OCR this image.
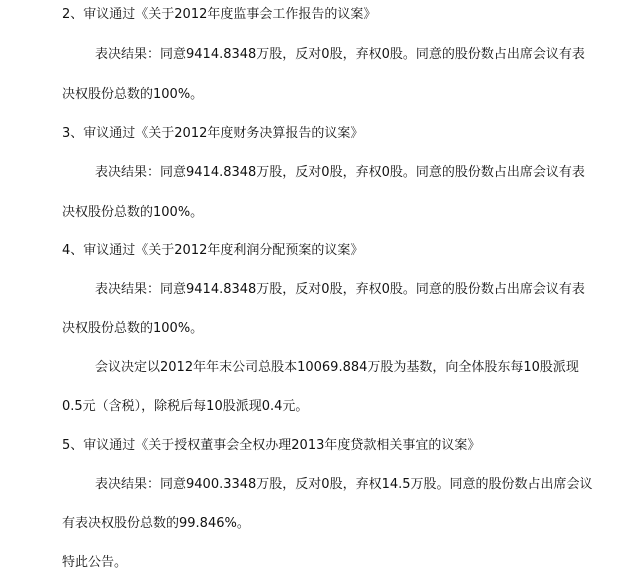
2、审议通过《关于2012年度监事会工作报告的议案》
表决结果：同意9414.8348万股，反对0股，弃权0股。同意的股份数占出席会议有表
决权股份总数的100%。
3、审议通过《关于2012年度财务决算报告的议案》
表决结果：同意9414.8348万股，反对0股，弃权0股。同意的股份数占出席会议有表
决权股份总数的100%。
4、审议通过《关于2012年度利润分配预案的议案》
表决结果：同意9414.8348万股，反对0股，弃权0股。同意的股份数占出席会议有表
决权股份总数的100%。
会议决定以2012年年末公司总股本10069.884万股为基数，向全体股东每10股派现
0.5元（含税），除税后每10股派现0.4元。
5、审议通过《关于授权董事会全权办理2013年度贷款相关事宜的议案》
表决结果：同意9400.3348万股，反对0股，弃权14.5万股。同意的股份数占出席会议
有表决权股份总数的99.846%。
特此公告。
